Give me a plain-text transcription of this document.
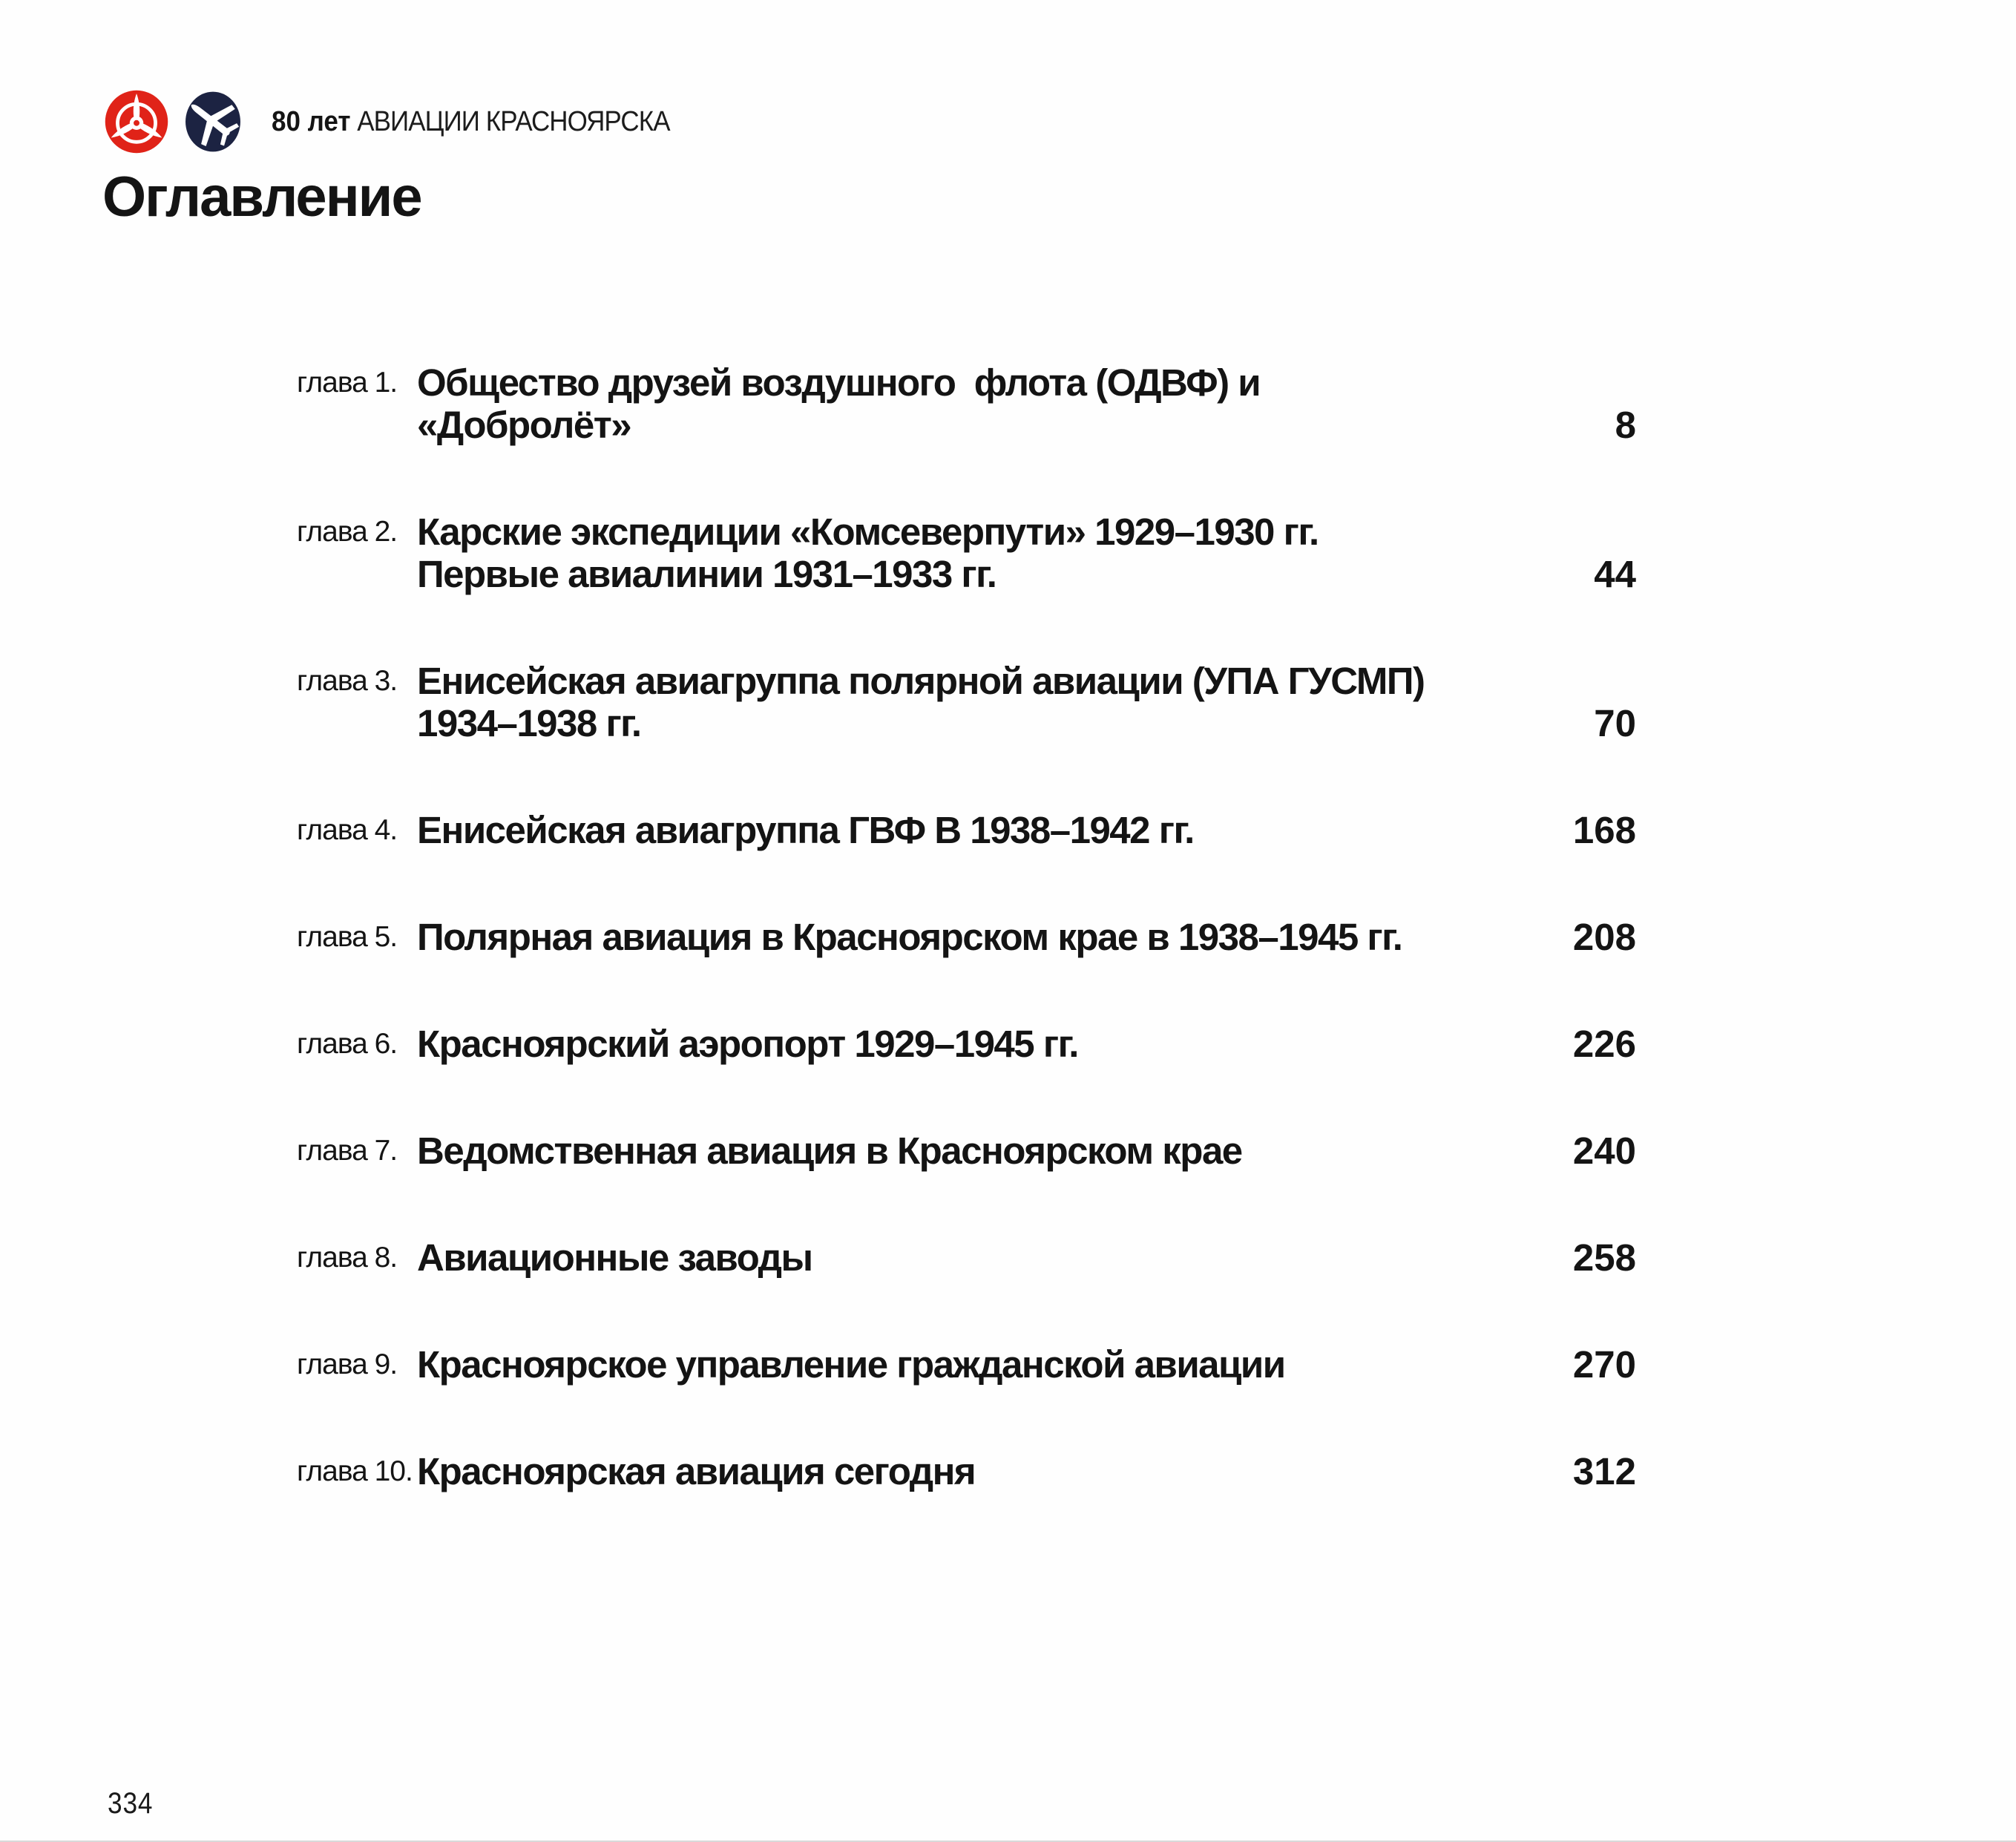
80 лет АВИАЦИИ КРАСНОЯРСКА
Оглавление
глава 1. Общество друзей воздушного  флота (ОДВФ) и «Добролёт»	8
глава 2. Карские экспедиции «Комсеверпути» 1929–1930 гг.
Первые авиалинии 1931–1933 гг.	44
глава 3. Енисейская авиагруппа полярной авиации (УПА ГУСМП)
1934–1938 гг.	70
глава 4. Енисейская авиагруппа ГВФ В 1938–1942 гг.	168
глава 5. Полярная авиация в Красноярском крае в 1938–1945 гг.	208
глава 6. Красноярский аэропорт 1929–1945 гг.	226
глава 7. Ведомственная авиация в Красноярском крае	240
глава 8. Авиационные заводы	258
глава 9. Красноярское управление гражданской авиации	270
глава 10. Красноярская авиация сегодня	312
334
